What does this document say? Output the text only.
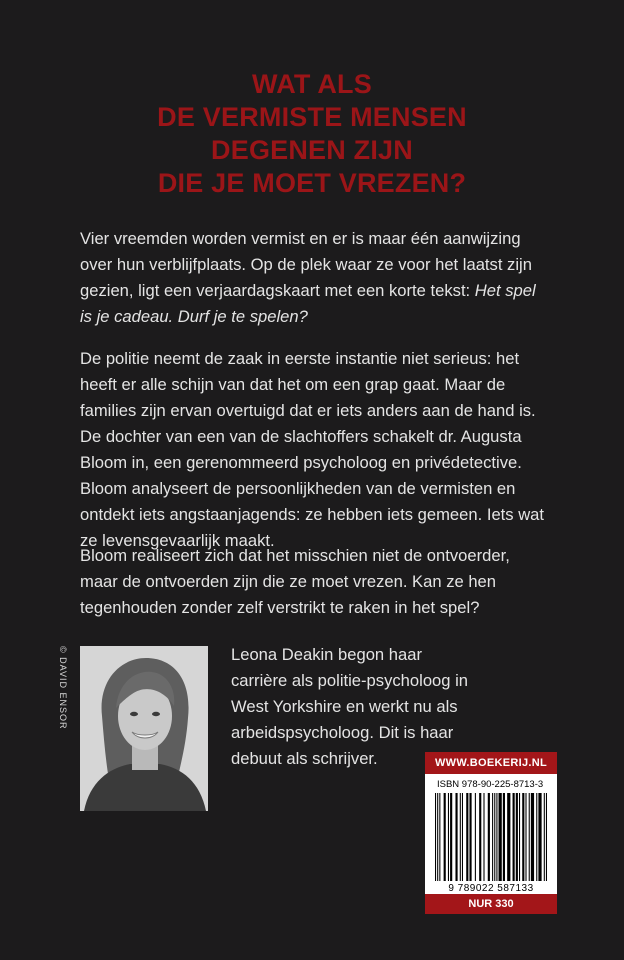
WAT ALS
DE VERMISTE MENSEN
DEGENEN ZIJN
DIE JE MOET VREZEN?

Vier vreemden worden vermist en er is maar één aanwijzing over hun verblijfplaats. Op de plek waar ze voor het laatst zijn gezien, ligt een verjaardagskaart met een korte tekst: Het spel is je cadeau. Durf je te spelen?

De politie neemt de zaak in eerste instantie niet serieus: het heeft er alle schijn van dat het om een grap gaat. Maar de families zijn ervan overtuigd dat er iets anders aan de hand is. De dochter van een van de slachtoffers schakelt dr. Augusta Bloom in, een gerenommeerd psycholoog en privédetective. Bloom analyseert de persoonlijkheden van de vermisten en ontdekt iets angstaanjagends: ze hebben iets gemeen. Iets wat ze levensgevaarlijk maakt.

Bloom realiseert zich dat het misschien niet de ontvoerder, maar de ontvoerden zijn die ze moet vrezen. Kan ze hen tegenhouden zonder zelf verstrikt te raken in het spel?

© DAVID ENSOR	Leona Deakin begon haar carrière als politie-psycholoog in West Yorkshire en werkt nu als arbeidspsycholoog. Dit is haar debuut als schrijver.	WWW.BOEKERIJ.NL
ISBN 978-90-225-8713-3
9 789022 587133
NUR 330
